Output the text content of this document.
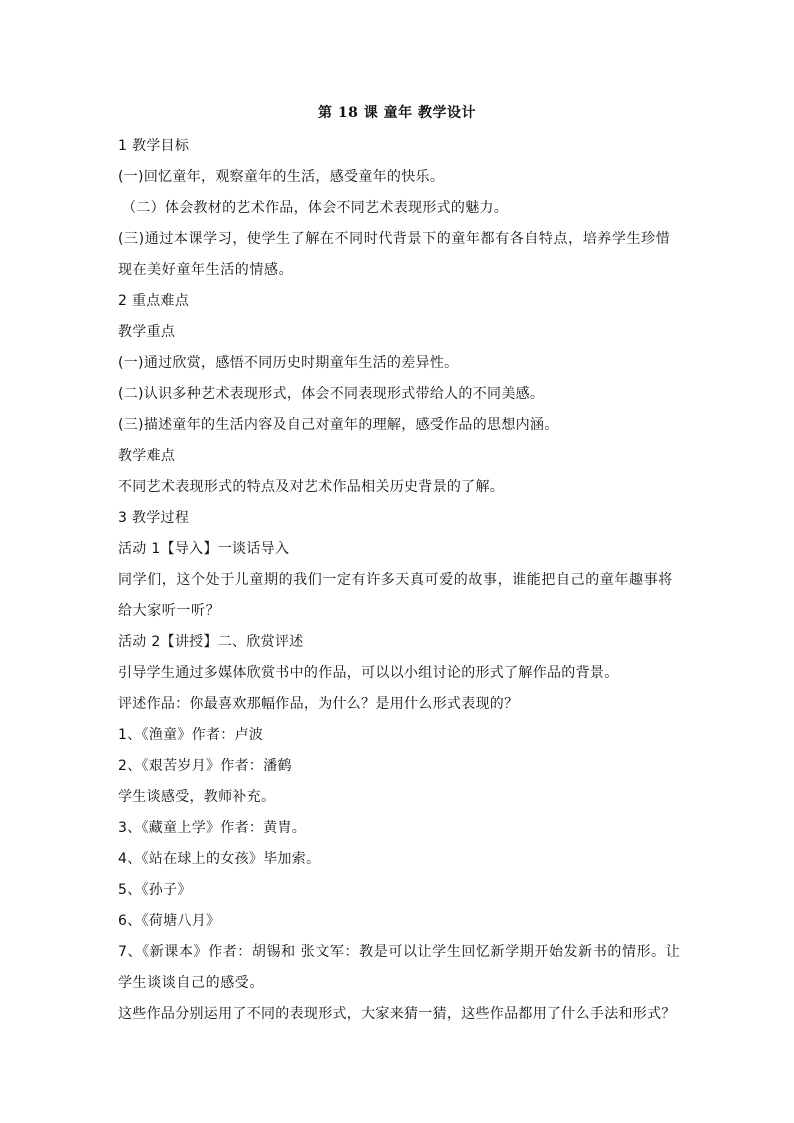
第 18 课 童年 教学设计
1 教学目标
(一)回忆童年，观察童年的生活，感受童年的快乐。
（二）体会教材的艺术作品，体会不同艺术表现形式的魅力。
(三)通过本课学习，使学生了解在不同时代背景下的童年都有各自特点，培养学生珍惜现在美好童年生活的情感。
2 重点难点
教学重点
(一)通过欣赏，感悟不同历史时期童年生活的差异性。
(二)认识多种艺术表现形式，体会不同表现形式带给人的不同美感。
(三)描述童年的生活内容及自己对童年的理解，感受作品的思想内涵。
教学难点
不同艺术表现形式的特点及对艺术作品相关历史背景的了解。
3 教学过程
活动 1【导入】一谈话导入
同学们，这个处于儿童期的我们一定有许多天真可爱的故事，谁能把自己的童年趣事将给大家听一听？
活动 2【讲授】二、欣赏评述
引导学生通过多媒体欣赏书中的作品，可以以小组讨论的形式了解作品的背景。
评述作品：你最喜欢那幅作品，为什么？是用什么形式表现的？
1、《渔童》作者：卢波
2、《艰苦岁月》作者：潘鹤
学生谈感受，教师补充。
3、《藏童上学》作者：黄胄。
4、《站在球上的女孩》毕加索。
5、《孙子》
6、《荷塘八月》
7、《新课本》作者：胡锡和 张文军：教是可以让学生回忆新学期开始发新书的情形。让学生谈谈自己的感受。
这些作品分别运用了不同的表现形式，大家来猜一猜，这些作品都用了什么手法和形式？
